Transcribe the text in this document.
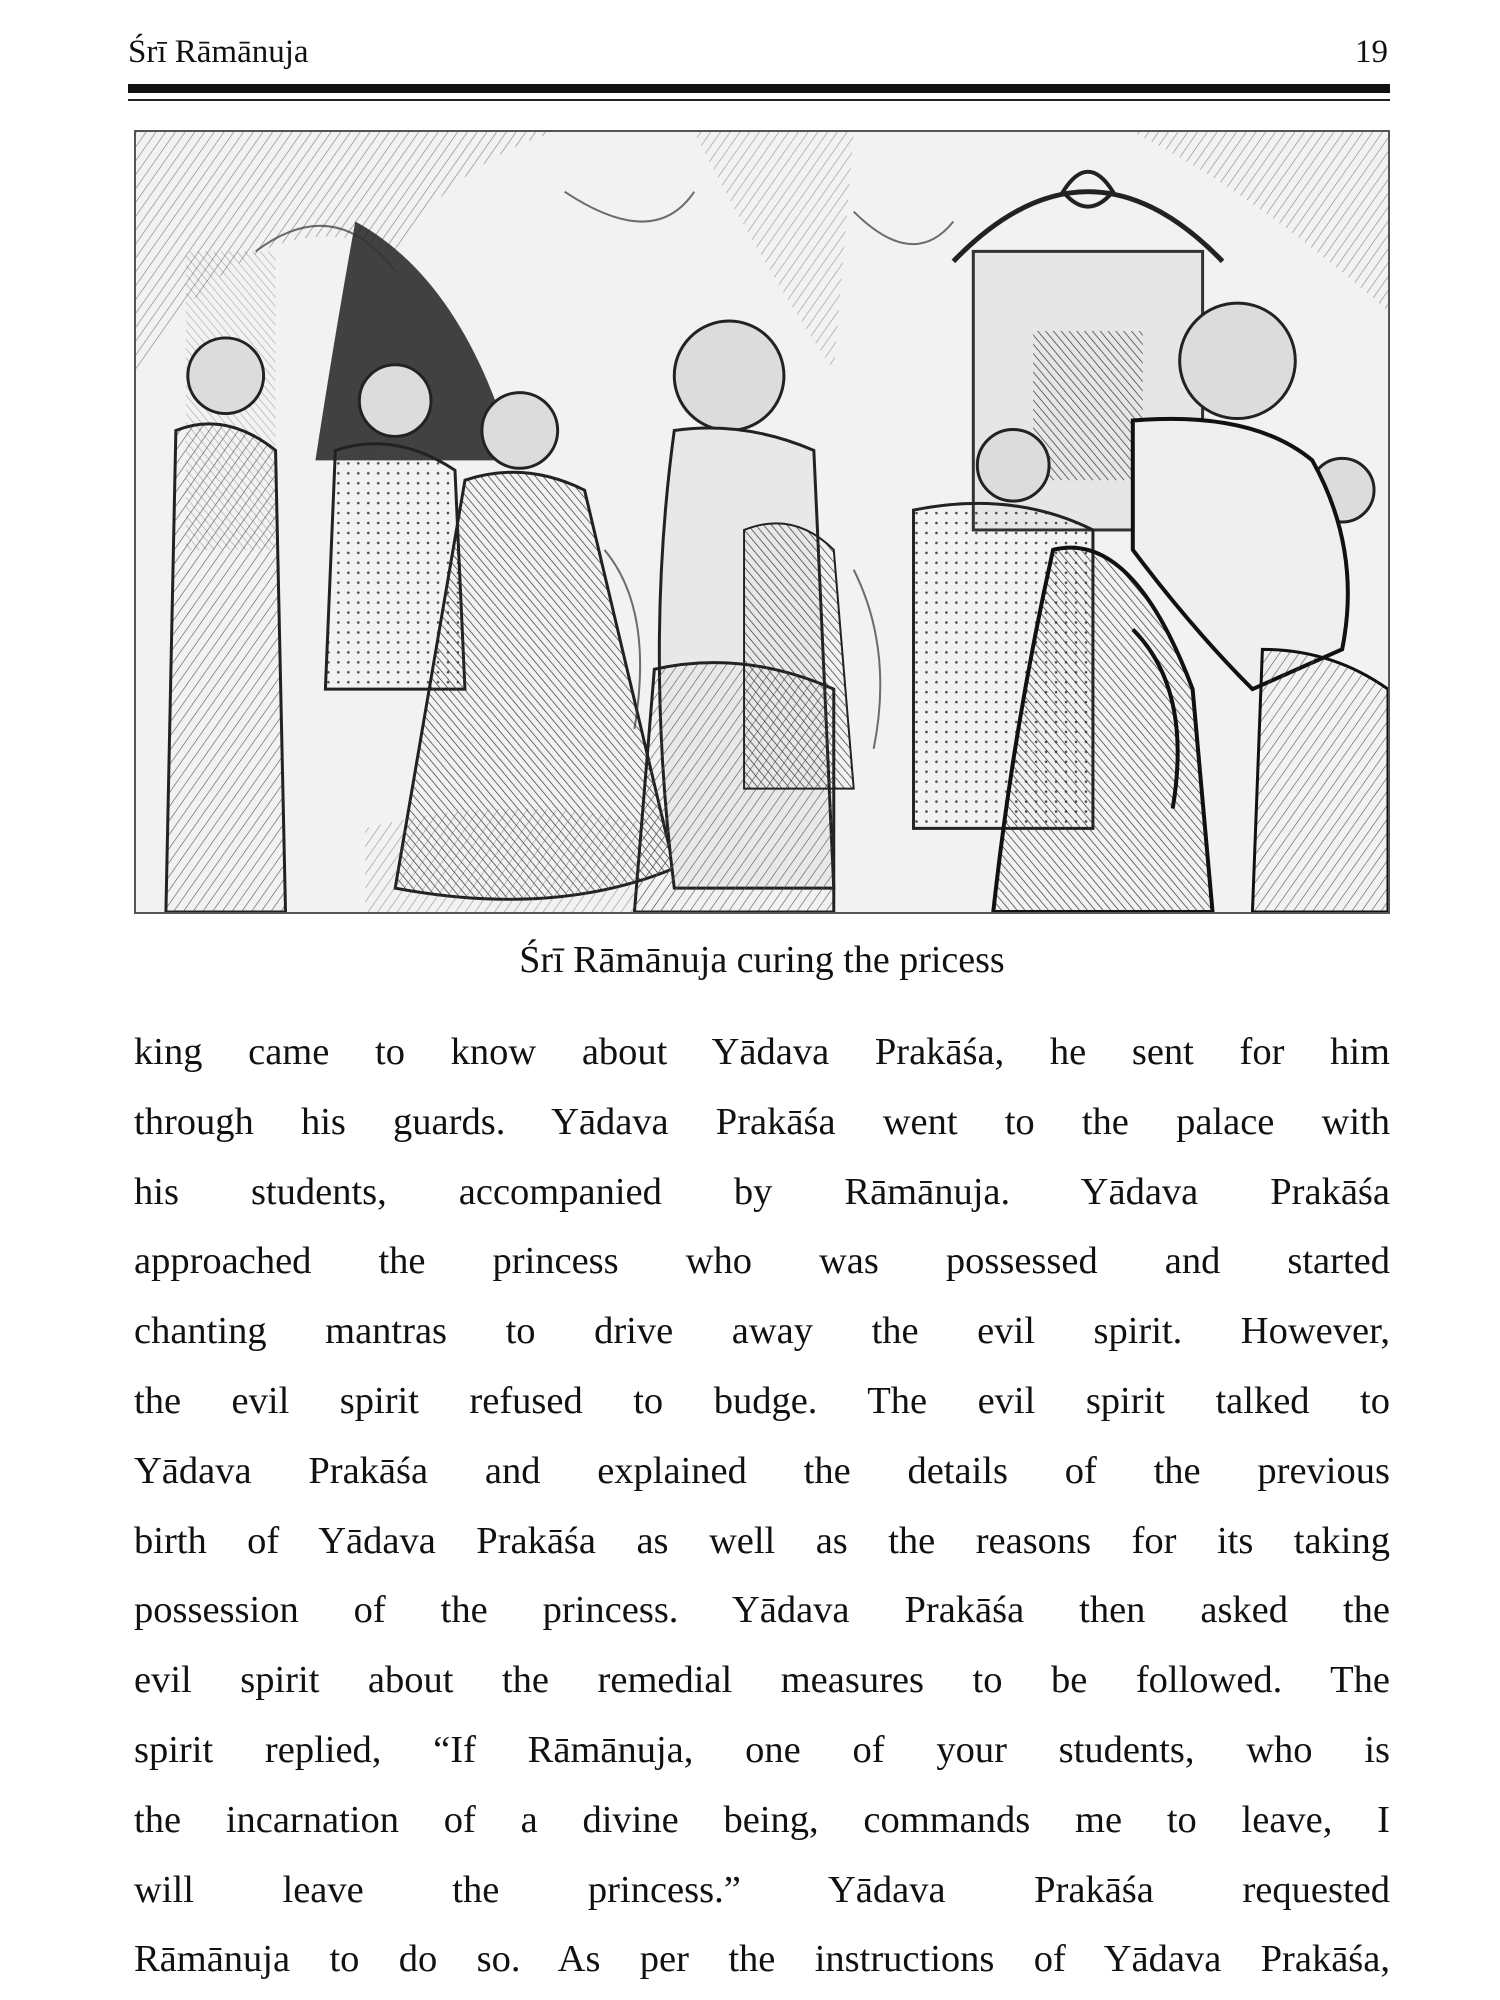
Śrī Rāmānuja	19
Śrī Rāmānuja curing the pricess
king came to know about Yādava Prakāśa, he sent for him
through his guards. Yādava Prakāśa went to the palace with
his students, accompanied by Rāmānuja. Yādava Prakāśa
approached the princess who was possessed and started
chanting mantras to drive away the evil spirit. However,
the evil spirit refused to budge. The evil spirit talked to
Yādava Prakāśa and explained the details of the previous
birth of Yādava Prakāśa as well as the reasons for its taking
possession of the princess. Yādava Prakāśa then asked the
evil spirit about the remedial measures to be followed. The
spirit replied, “If Rāmānuja, one of your students, who is
the incarnation of a divine being, commands me to leave, I
will leave the princess.” Yādava Prakāśa requested
Rāmānuja to do so. As per the instructions of Yādava Prakāśa,
